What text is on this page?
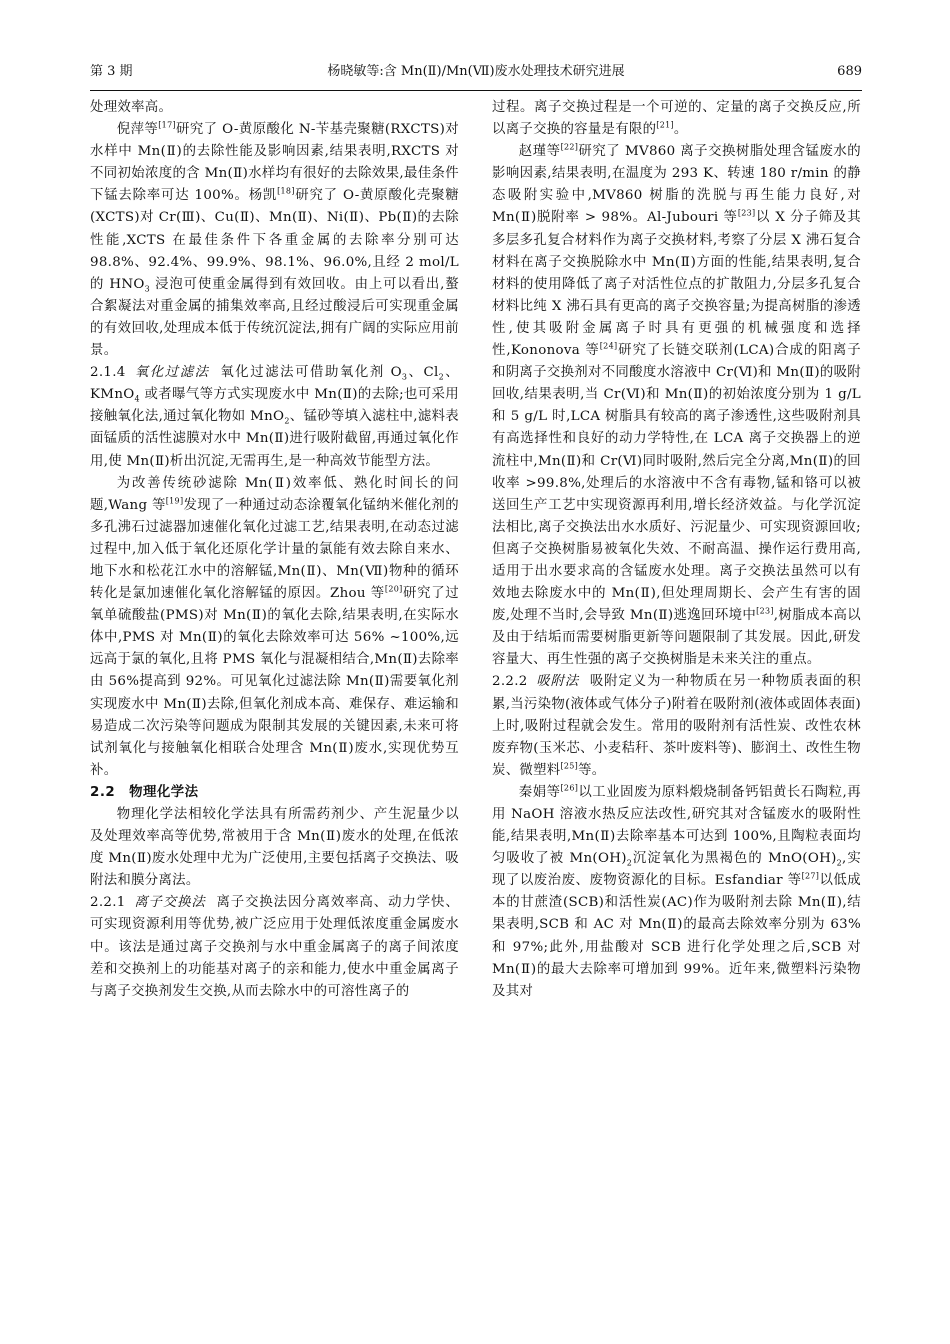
第 3 期	杨晓敏等:含 Mn(Ⅱ)/Mn(Ⅶ)废水处理技术研究进展	689

处理效率高。

倪萍等[17]研究了 O-黄原酸化 N-苄基壳聚糖(RXCTS)对水样中 Mn(Ⅱ)的去除性能及影响因素,结果表明,RXCTS 对不同初始浓度的含 Mn(Ⅱ)水样均有很好的去除效果,最佳条件下锰去除率可达 100%。杨凯[18]研究了 O-黄原酸化壳聚糖(XCTS)对 Cr(Ⅲ)、Cu(Ⅱ)、Mn(Ⅱ)、Ni(Ⅱ)、Pb(Ⅱ)的去除性能,XCTS 在最佳条件下各重金属的去除率分别可达 98.8%、92.4%、99.9%、98.1%、96.0%,且经 2 mol/L 的 $HNO_3$ 浸泡可使重金属得到有效回收。由上可以看出,螯合絮凝法对重金属的捕集效率高,且经过酸浸后可实现重金属的有效回收,处理成本低于传统沉淀法,拥有广阔的实际应用前景。

2.1.4 氧化过滤法 氧化过滤法可借助氧化剂 $O_3$、$Cl_2$、KMnO$_4$ 或者曝气等方式实现废水中 Mn(Ⅱ)的去除;也可采用接触氧化法,通过氧化物如 MnO$_2$、锰砂等填入滤柱中,滤料表面锰质的活性滤膜对水中 Mn(Ⅱ)进行吸附截留,再通过氧化作用,使 Mn(Ⅱ)析出沉淀,无需再生,是一种高效节能型方法。

为改善传统砂滤除 Mn(Ⅱ)效率低、熟化时间长的问题,Wang 等[19]发现了一种通过动态涂覆氧化锰纳米催化剂的多孔沸石过滤器加速催化氧化过滤工艺,结果表明,在动态过滤过程中,加入低于氧化还原化学计量的氯能有效去除自来水、地下水和松花江水中的溶解锰,Mn(Ⅱ)、Mn(Ⅶ)物种的循环转化是氯加速催化氧化溶解锰的原因。Zhou 等[20]研究了过氧单硫酸盐(PMS)对 Mn(Ⅱ)的氧化去除,结果表明,在实际水体中,PMS 对 Mn(Ⅱ)的氧化去除效率可达 56% ~100%,远远高于氯的氧化,且将 PMS 氧化与混凝相结合,Mn(Ⅱ)去除率由 56%提高到 92%。可见氧化过滤法除 Mn(Ⅱ)需要氧化剂实现废水中 Mn(Ⅱ)去除,但氧化剂成本高、难保存、难运输和易造成二次污染等问题成为限制其发展的关键因素,未来可将试剂氧化与接触氧化相联合处理含 Mn(Ⅱ)废水,实现优势互补。

2.2　物理化学法

物理化学法相较化学法具有所需药剂少、产生泥量少以及处理效率高等优势,常被用于含 Mn(Ⅱ)废水的处理,在低浓度 Mn(Ⅱ)废水处理中尤为广泛使用,主要包括离子交换法、吸附法和膜分离法。

2.2.1 离子交换法 离子交换法因分离效率高、动力学快、可实现资源利用等优势,被广泛应用于处理低浓度重金属废水中。该法是通过离子交换剂与水中重金属离子的离子间浓度差和交换剂上的功能基对离子的亲和能力,使水中重金属离子与离子交换剂发生交换,从而去除水中的可溶性离子的

过程。离子交换过程是一个可逆的、定量的离子交换反应,所以离子交换的容量是有限的[21]。

赵瑾等[22]研究了 MV860 离子交换树脂处理含锰废水的影响因素,结果表明,在温度为 293 K、转速 180 r/min 的静态吸附实验中,MV860 树脂的洗脱与再生能力良好,对 Mn(Ⅱ)脱附率 > 98%。Al-Jubouri 等[23]以 X 分子筛及其多层多孔复合材料作为离子交换材料,考察了分层 X 沸石复合材料在离子交换脱除水中 Mn(Ⅱ)方面的性能,结果表明,复合材料的使用降低了离子对活性位点的扩散阻力,分层多孔复合材料比纯 X 沸石具有更高的离子交换容量;为提高树脂的渗透性,使其吸附金属离子时具有更强的机械强度和选择性,Kononova 等[24]研究了长链交联剂(LCA)合成的阳离子和阴离子交换剂对不同酸度水溶液中 Cr(Ⅵ)和 Mn(Ⅱ)的吸附回收,结果表明,当 Cr(Ⅵ)和 Mn(Ⅱ)的初始浓度分别为 1 g/L 和 5 g/L 时,LCA 树脂具有较高的离子渗透性,这些吸附剂具有高选择性和良好的动力学特性,在 LCA 离子交换器上的逆流柱中,Mn(Ⅱ)和 Cr(Ⅵ)同时吸附,然后完全分离,Mn(Ⅱ)的回收率 >99.8%,处理后的水溶液中不含有毒物,锰和铬可以被送回生产工艺中实现资源再利用,增长经济效益。与化学沉淀法相比,离子交换法出水水质好、污泥量少、可实现资源回收;但离子交换树脂易被氧化失效、不耐高温、操作运行费用高,适用于出水要求高的含锰废水处理。离子交换法虽然可以有效地去除废水中的 Mn(Ⅱ),但处理周期长、会产生有害的固废,处理不当时,会导致 Mn(Ⅱ)逃逸回环境中[23],树脂成本高以及由于结垢而需要树脂更新等问题限制了其发展。因此,研发容量大、再生性强的离子交换树脂是未来关注的重点。

2.2.2 吸附法 吸附定义为一种物质在另一种物质表面的积累,当污染物(液体或气体分子)附着在吸附剂(液体或固体表面)上时,吸附过程就会发生。常用的吸附剂有活性炭、改性农林废弃物(玉米芯、小麦秸秆、茶叶废料等)、膨润土、改性生物炭、微塑料[25]等。

秦娟等[26]以工业固废为原料煅烧制备钙铝黄长石陶粒,再用 NaOH 溶液水热反应法改性,研究其对含锰废水的吸附性能,结果表明,Mn(Ⅱ)去除率基本可达到 100%,且陶粒表面均匀吸收了被 $Mn(OH)_2$沉淀氧化为黑褐色的 $MnO(OH)_2$,实现了以废治废、废物资源化的目标。Esfandiar 等[27]以低成本的甘蔗渣(SCB)和活性炭(AC)作为吸附剂去除 Mn(Ⅱ),结果表明,SCB 和 AC 对 Mn(Ⅱ)的最高去除效率分别为 63% 和 97%;此外,用盐酸对 SCB 进行化学处理之后,SCB 对 Mn(Ⅱ)的最大去除率可增加到 99%。近年来,微塑料污染物及其对
